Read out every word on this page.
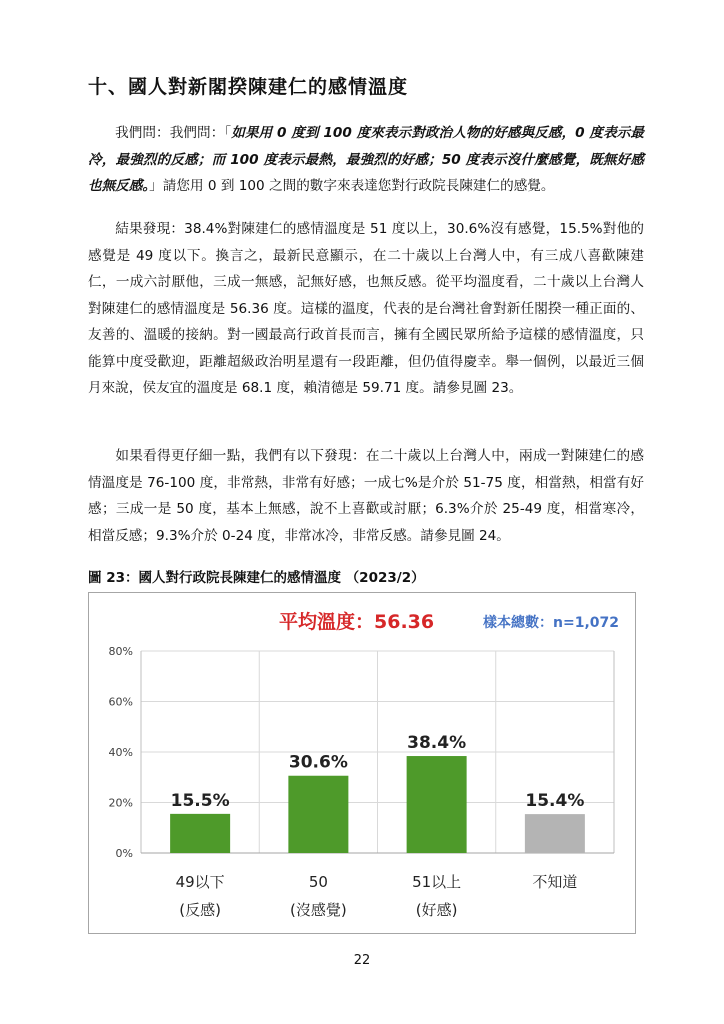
十、國人對新閣揆陳建仁的感情溫度
我們問：我們問：「如果用 0 度到 100 度來表示對政治人物的好感與反感，0 度表示最冷，最強烈的反感；而 100 度表示最熱，最強烈的好感；50 度表示沒什麼感覺，既無好感也無反感。」請您用 0 到 100 之間的數字來表達您對行政院長陳建仁的感覺。
結果發現：38.4%對陳建仁的感情溫度是 51 度以上，30.6%沒有感覺，15.5%對他的感覺是 49 度以下。換言之，最新民意顯示，在二十歲以上台灣人中，有三成八喜歡陳建仁，一成六討厭他，三成一無感，記無好感，也無反感。從平均溫度看，二十歲以上台灣人對陳建仁的感情溫度是 56.36 度。這樣的溫度，代表的是台灣社會對新任閣揆一種正面的、友善的、溫暖的接納。對一國最高行政首長而言，擁有全國民眾所給予這樣的感情溫度，只能算中度受歡迎，距離超級政治明星還有一段距離，但仍值得慶幸。舉一個例，以最近三個月來說，侯友宜的溫度是 68.1 度，賴清德是 59.71 度。請參見圖 23。
如果看得更仔細一點，我們有以下發現：在二十歲以上台灣人中，兩成一對陳建仁的感情溫度是 76-100 度，非常熱，非常有好感；一成七%是介於 51-75 度，相當熱，相當有好感；三成一是 50 度，基本上無感，說不上喜歡或討厭；6.3%介於 25-49 度，相當寒冷，相當反感；9.3%介於 0-24 度，非常冰冷，非常反感。請參見圖 24。
圖 23：國人對行政院長陳建仁的感情溫度 （2023/2）
平均溫度：56.36	樣本總數：n=1,072
0%
20%
40%
60%
80%
15.5%
49以下
(反感)
30.6%
50
(沒感覺)
38.4%
51以上
(好感)
15.4%
不知道
22
